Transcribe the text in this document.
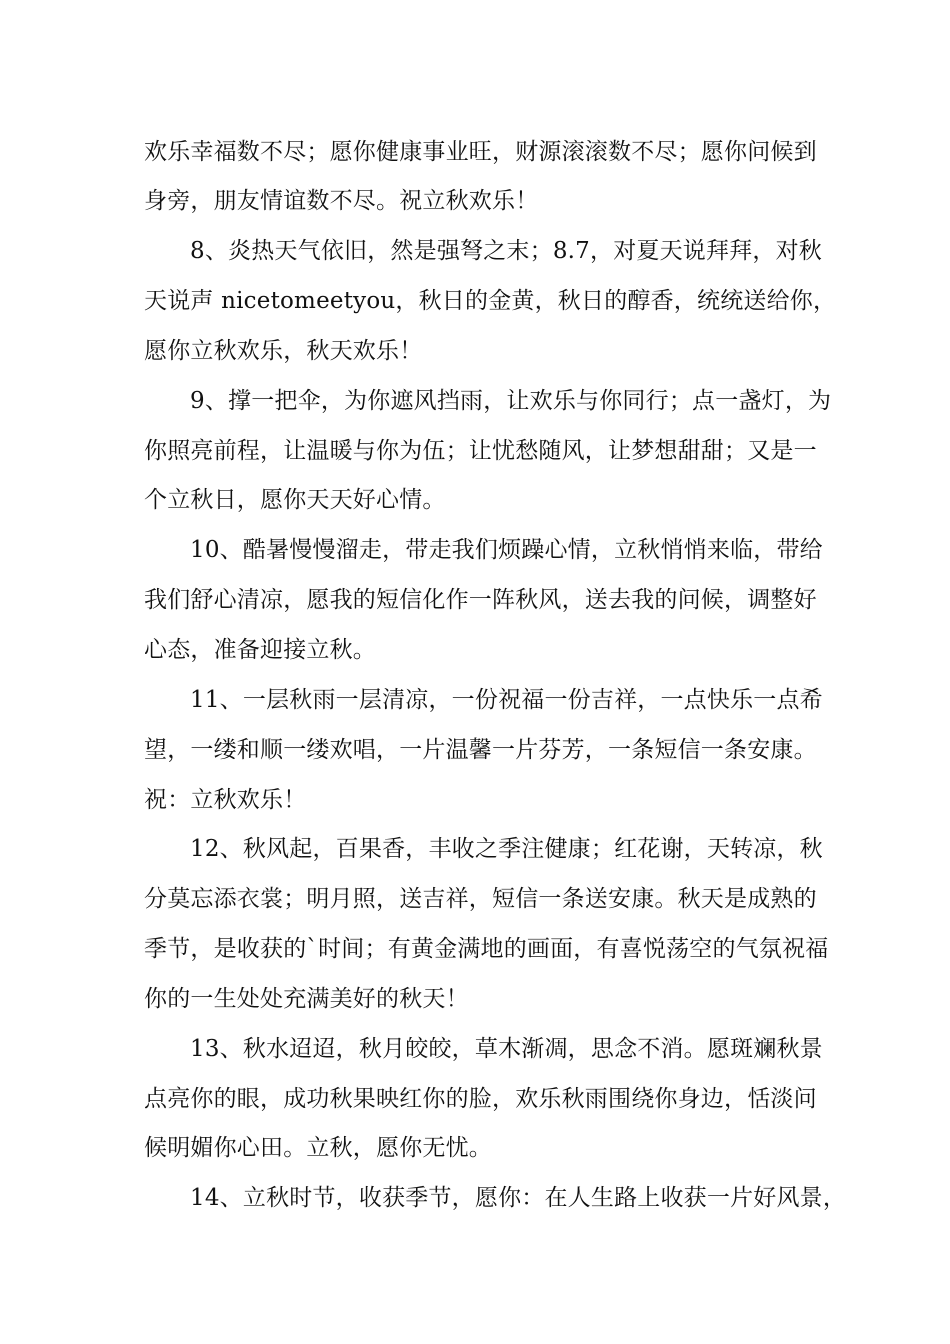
欢乐幸福数不尽；愿你健康事业旺，财源滚滚数不尽；愿你问候到
身旁，朋友情谊数不尽。祝立秋欢乐！
8、炎热天气依旧，然是强弩之末；8.7，对夏天说拜拜，对秋
天说声 nicetomeetyou，秋日的金黄，秋日的醇香，统统送给你，
愿你立秋欢乐，秋天欢乐！
9、撑一把伞，为你遮风挡雨，让欢乐与你同行；点一盏灯，为
你照亮前程，让温暖与你为伍；让忧愁随风，让梦想甜甜；又是一
个立秋日，愿你天天好心情。
10、酷暑慢慢溜走，带走我们烦躁心情，立秋悄悄来临，带给
我们舒心清凉，愿我的短信化作一阵秋风，送去我的问候，调整好
心态，准备迎接立秋。
11、一层秋雨一层清凉，一份祝福一份吉祥，一点快乐一点希
望，一缕和顺一缕欢唱，一片温馨一片芬芳，一条短信一条安康。
祝：立秋欢乐！
12、秋风起，百果香，丰收之季注健康；红花谢，天转凉，秋
分莫忘添衣裳；明月照，送吉祥，短信一条送安康。秋天是成熟的
季节，是收获的`时间；有黄金满地的画面，有喜悦荡空的气氛祝福
你的一生处处充满美好的秋天！
13、秋水迢迢，秋月皎皎，草木渐凋，思念不消。愿斑斓秋景
点亮你的眼，成功秋果映红你的脸，欢乐秋雨围绕你身边，恬淡问
候明媚你心田。立秋，愿你无忧。
14、立秋时节，收获季节，愿你：在人生路上收获一片好风景，
